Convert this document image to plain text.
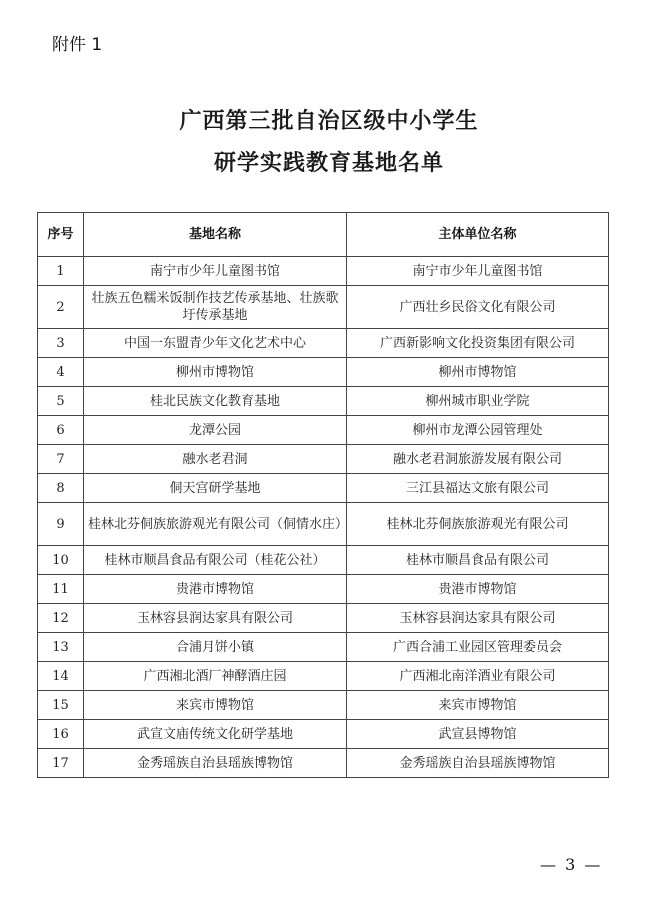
附件 1
广西第三批自治区级中小学生
研学实践教育基地名单
序号	基地名称	主体单位名称
1	南宁市少年儿童图书馆	南宁市少年儿童图书馆
2	壮族五色糯米饭制作技艺传承基地、壮族歌圩传承基地	广西壮乡民俗文化有限公司
3	中国一东盟青少年文化艺术中心	广西新影响文化投资集团有限公司
4	柳州市博物馆	柳州市博物馆
5	桂北民族文化教育基地	柳州城市职业学院
6	龙潭公园	柳州市龙潭公园管理处
7	融水老君洞	融水老君洞旅游发展有限公司
8	侗天宫研学基地	三江县福达文旅有限公司
9	桂林北芬侗族旅游观光有限公司（侗情水庄）	桂林北芬侗族旅游观光有限公司
10	桂林市顺昌食品有限公司（桂花公社）	桂林市顺昌食品有限公司
11	贵港市博物馆	贵港市博物馆
12	玉林容县润达家具有限公司	玉林容县润达家具有限公司
13	合浦月饼小镇	广西合浦工业园区管理委员会
14	广西湘北酒厂神酵酒庄园	广西湘北南洋酒业有限公司
15	来宾市博物馆	来宾市博物馆
16	武宣文庙传统文化研学基地	武宣县博物馆
17	金秀瑶族自治县瑶族博物馆	金秀瑶族自治县瑶族博物馆
— 3 —
